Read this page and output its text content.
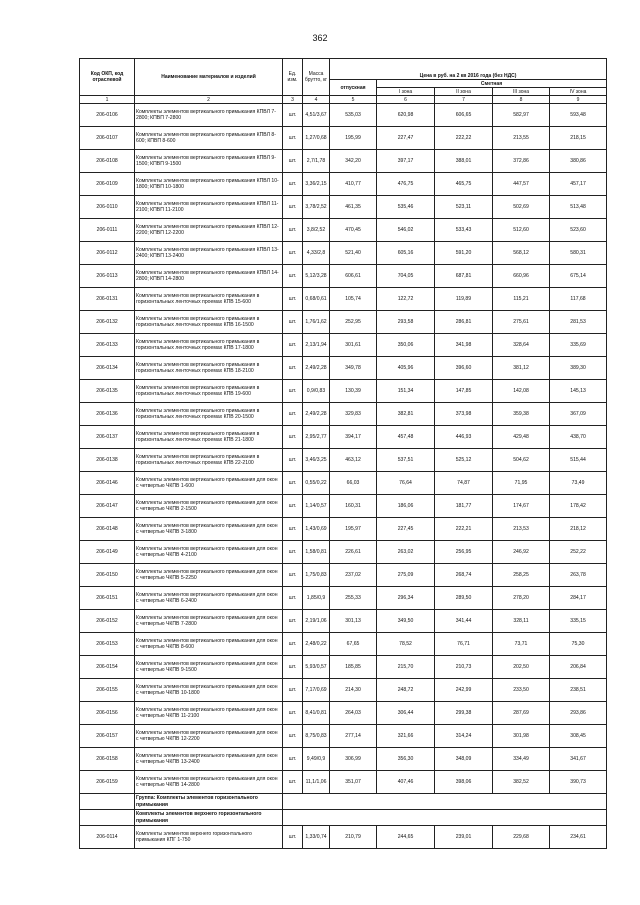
362
Код ОКП, код отраслевой	Наименование материалов и изделий	Ед. изм.	Масса брутто, кг	Цена в руб. на 2 кв 2016 года (без НДС)				
				отпускная	Сметная			
					I зона	II зона	III зона	IV зона
1	2	3	4	5	6	7	8	9
206-0106	Комплекты элементов вертикального примыкания КПВЛ 7-2800; КПВП 7-2800	шт.	4,51/3,67	535,03	620,98	606,65	582,97	593,48
206-0107	Комплекты элементов вертикального примыкания КПВЛ 8-600; КПВП 8-600	шт.	1,27/0,68	195,99	227,47	222,22	213,55	218,15
206-0108	Комплекты элементов вертикального примыкания КПВЛ 9-1500; КПВП 9-1500	шт.	2,7/1,78	342,20	397,17	388,01	372,86	380,86
206-0109	Комплекты элементов вертикального примыкания КПВЛ 10-1800; КПВП 10-1800	шт.	3,36/2,15	410,77	476,75	465,75	447,57	457,17
206-0110	Комплекты элементов вертикального примыкания КПВЛ 11-2100; КПВП 11-2100	шт.	3,78/2,52	461,35	535,46	523,11	502,69	513,48
206-0111	Комплекты элементов вертикального примыкания КПВЛ 12-2200; КПВП 12-2200	шт.	3,8/2,52	470,45	546,02	533,43	512,60	523,60
206-0112	Комплекты элементов вертикального примыкания КПВЛ 13-2400; КПВП 13-2400	шт.	4,33/2,8	521,40	605,16	591,20	568,12	580,31
206-0113	Комплекты элементов вертикального примыкания КПВЛ 14-2800; КПВП 14-2800	шт.	5,12/3,28	606,61	704,05	687,81	660,96	675,14
206-0131	Комплекты элементов вертикального примыкания в горизонтальных ленточных проемах КПВ 15-600	шт.	0,68/0,61	105,74	122,72	119,89	115,21	117,68
206-0132	Комплекты элементов вертикального примыкания в горизонтальных ленточных проемах КПВ 16-1500	шт.	1,76/1,62	252,95	293,58	286,81	275,61	281,53
206-0133	Комплекты элементов вертикального примыкания в горизонтальных ленточных проемах КПВ 17-1800	шт.	2,13/1,94	301,61	350,06	341,98	328,64	335,69
206-0134	Комплекты элементов вертикального примыкания в горизонтальных ленточных проемах КПВ 18-2100	шт.	2,49/2,28	349,78	405,96	396,60	381,12	389,30
206-0135	Комплекты элементов вертикального примыкания в горизонтальных ленточных проемах КПВ 19-600	шт.	0,9/0,83	130,39	151,34	147,85	142,08	145,13
206-0136	Комплекты элементов вертикального примыкания в горизонтальных ленточных проемах КПВ 20-1500	шт.	2,49/2,28	329,83	382,81	373,98	359,38	367,09
206-0137	Комплекты элементов вертикального примыкания в горизонтальных ленточных проемах КПВ 21-1800	шт.	2,95/2,77	394,17	457,48	446,93	429,48	438,70
206-0138	Комплекты элементов вертикального примыкания в горизонтальных ленточных проемах КПВ 22-2100	шт.	3,46/3,25	463,12	537,51	525,12	504,62	515,44
206-0146	Комплекты элементов вертикального примыкания для окон с четвертью ЧКПВ 1-600	шт.	0,55/0,22	66,03	76,64	74,87	71,95	73,49
206-0147	Комплекты элементов вертикального примыкания для окон с четвертью ЧКПВ 2-1500	шт.	1,14/0,57	160,31	186,06	181,77	174,67	178,42
206-0148	Комплекты элементов вертикального примыкания для окон с четвертью ЧКПВ 3-1800	шт.	1,43/0,69	195,97	227,45	222,21	213,53	218,12
206-0149	Комплекты элементов вертикального примыкания для окон с четвертью ЧКПВ 4-2100	шт.	1,58/0,81	226,61	263,02	256,95	246,92	252,22
206-0150	Комплекты элементов вертикального примыкания для окон с четвертью ЧКПВ 5-2250	шт.	1,75/0,83	237,02	275,09	268,74	258,25	263,78
206-0151	Комплекты элементов вертикального примыкания для окон с четвертью ЧКПВ 6-2400	шт.	1,85/0,9	255,33	296,34	289,50	278,20	284,17
206-0152	Комплекты элементов вертикального примыкания для окон с четвертью ЧКПВ 7-2800	шт.	2,19/1,06	301,13	349,50	341,44	328,11	335,15
206-0153	Комплекты элементов вертикального примыкания для окон с четвертью ЧКПВ 8-600	шт.	2,48/0,22	67,65	78,52	76,71	73,71	75,30
206-0154	Комплекты элементов вертикального примыкания для окон с четвертью ЧКПВ 9-1500	шт.	5,93/0,57	185,85	215,70	210,73	202,50	206,84
206-0155	Комплекты элементов вертикального примыкания для окон с четвертью ЧКПВ 10-1800	шт.	7,17/0,69	214,30	248,72	242,99	233,50	238,51
206-0156	Комплекты элементов вертикального примыкания для окон с четвертью ЧКПВ 11-2100	шт.	8,41/0,81	264,03	306,44	299,38	287,69	293,86
206-0157	Комплекты элементов вертикального примыкания для окон с четвертью ЧКПВ 12-2200	шт.	8,75/0,83	277,14	321,66	314,24	301,98	308,45
206-0158	Комплекты элементов вертикального примыкания для окон с четвертью ЧКПВ 13-2400	шт.	9,49/0,9	306,99	356,30	348,09	334,49	341,67
206-0159	Комплекты элементов вертикального примыкания для окон с четвертью ЧКПВ 14-2800	шт.	11,1/1,06	351,07	407,46	398,06	382,52	390,73
	Группа: Комплекты элементов горизонтального примыкания							
	Комплекты элементов верхнего горизонтального примыкания							
206-0114	Комплекты элементов верхнего горизонтального примыкания КПГ 1-750	шт.	1,33/0,74	210,79	244,65	239,01	229,68	234,61
